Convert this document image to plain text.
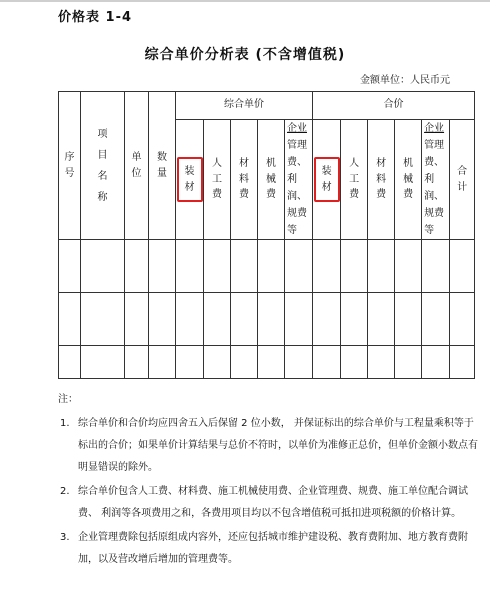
价格表 1-4
综合单价分析表 (不含增值税)
金额单位：人民币元
序号	项目名称	单位	数量	综合单价					合价					
				装材	人工费	材料费	机械费	企业管理费、利润、规费等	装材	人工费	材料费	机械费	企业管理费、利润、规费等	合计

注：
1. 综合单价和合价均应四舍五入后保留 2 位小数， 并保证标出的综合单价与工程量乘积等于标出的合价；如果单价计算结果与总价不符时，以单价为准修正总价，但单价金额小数点有明显错误的除外。
2. 综合单价包含人工费、材料费、施工机械使用费、企业管理费、规费、施工单位配合调试费、 利润等各项费用之和，各费用项目均以不包含增值税可抵扣进项税额的价格计算。
3. 企业管理费除包括原组成内容外，还应包括城市维护建设税、教育费附加、地方教育费附加，以及营改增后增加的管理费等。
